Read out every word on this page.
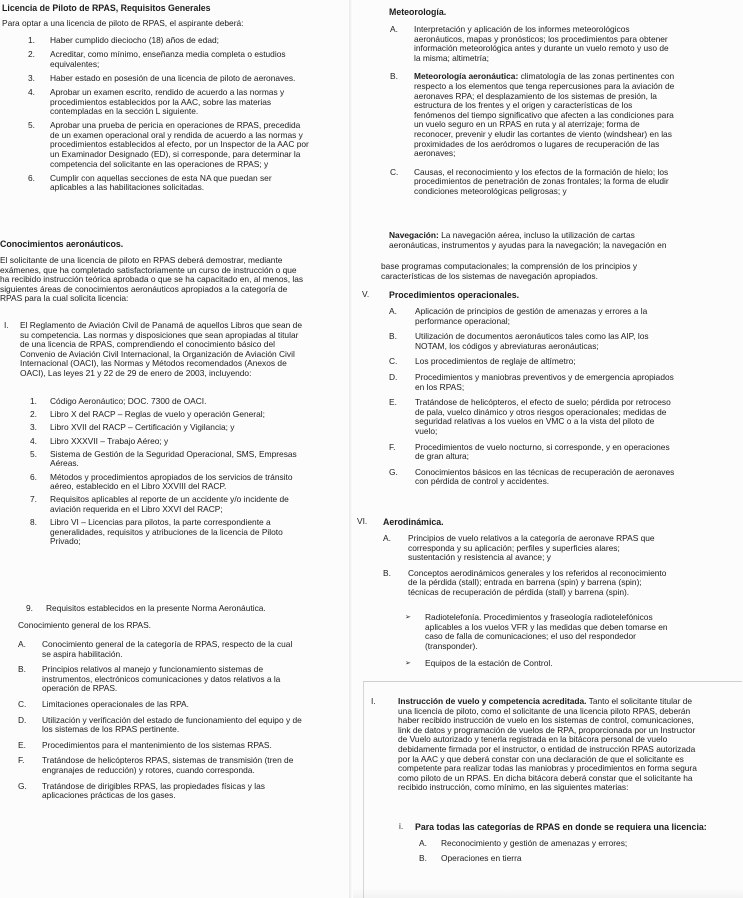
Licencia de Piloto de RPAS, Requisitos Generales
Para optar a una licencia de piloto de RPAS, el aspirante deberá:
1. Haber cumplido dieciocho (18) años de edad;
2. Acreditar, como mínimo, enseñanza media completa o estudios
equivalentes;
3. Haber estado en posesión de una licencia de piloto de aeronaves.
4. Aprobar un examen escrito, rendido de acuerdo a las normas y
procedimientos establecidos por la AAC, sobre las materias
contempladas en la sección L siguiente.
5. Aprobar una prueba de pericia en operaciones de RPAS, precedida
de un examen operacional oral y rendida de acuerdo a las normas y
procedimientos establecidos al efecto, por un Inspector de la AAC por
un Examinador Designado (ED), si corresponde, para determinar la
competencia del solicitante en las operaciones de RPAS; y
6. Cumplir con aquellas secciones de esta NA que puedan ser
aplicables a las habilitaciones solicitadas.
Conocimientos aeronáuticos.
El solicitante de una licencia de piloto en RPAS deberá demostrar, mediante
exámenes, que ha completado satisfactoriamente un curso de instrucción o que
ha recibido instrucción teórica aprobada o que se ha capacitado en, al menos, las
siguientes áreas de conocimientos aeronáuticos apropiados a la categoría de
RPAS para la cual solicita licencia:
I. El Reglamento de Aviación Civil de Panamá de aquellos Libros que sean de
su competencia. Las normas y disposiciones que sean apropiadas al titular
de una licencia de RPAS, comprendiendo el conocimiento básico del
Convenio de Aviación Civil Internacional, la Organización de Aviación Civil
Internacional (OACI), las Normas y Métodos recomendados (Anexos de
OACI), Las leyes 21 y 22 de 29 de enero de 2003, incluyendo:
1. Código Aeronáutico; DOC. 7300 de OACI.
2. Libro X del RACP – Reglas de vuelo y operación General;
3. Libro XVII del RACP – Certificación y Vigilancia; y
4. Libro XXXVII – Trabajo Aéreo; y
5. Sistema de Gestión de la Seguridad Operacional, SMS, Empresas
Aéreas.
6. Métodos y procedimientos apropiados de los servicios de tránsito
aéreo, establecido en el Libro XXVIII del RACP.
7. Requisitos aplicables al reporte de un accidente y/o incidente de
aviación requerida en el Libro XXVI del RACP;
8. Libro VI – Licencias para pilotos, la parte correspondiente a
generalidades, requisitos y atribuciones de la licencia de Piloto
Privado;
9. Requisitos establecidos en la presente Norma Aeronáutica.
Conocimiento general de los RPAS.
A. Conocimiento general de la categoría de RPAS, respecto de la cual
se aspira habilitación.
B. Principios relativos al manejo y funcionamiento sistemas de
instrumentos, electrónicos comunicaciones y datos relativos a la
operación de RPAS.
C. Limitaciones operacionales de las RPA.
D. Utilización y verificación del estado de funcionamiento del equipo y de
los sistemas de los RPAS pertinente.
E. Procedimientos para el mantenimiento de los sistemas RPAS.
F. Tratándose de helicópteros RPAS, sistemas de transmisión (tren de
engranajes de reducción) y rotores, cuando corresponda.
G. Tratándose de dirigibles RPAS, las propiedades físicas y las
aplicaciones prácticas de los gases.
Meteorología.
A. Interpretación y aplicación de los informes meteorológicos
aeronáuticos, mapas y pronósticos; los procedimientos para obtener
información meteorológica antes y durante un vuelo remoto y uso de
la misma; altimetría;
B. Meteorología aeronáutica: climatología de las zonas pertinentes con
respecto a los elementos que tenga repercusiones para la aviación de
aeronaves RPA; el desplazamiento de los sistemas de presión, la
estructura de los frentes y el origen y características de los
fenómenos del tiempo significativo que afecten a las condiciones para
un vuelo seguro en un RPAS en ruta y al aterrizaje; forma de
reconocer, prevenir y eludir las cortantes de viento (windshear) en las
proximidades de los aeródromos o lugares de recuperación de las
aeronaves;
C. Causas, el reconocimiento y los efectos de la formación de hielo; los
procedimientos de penetración de zonas frontales; la forma de eludir
condiciones meteorológicas peligrosas; y
Navegación: La navegación aérea, incluso la utilización de cartas
aeronáuticas, instrumentos y ayudas para la navegación; la navegación en
base programas computacionales; la comprensión de los principios y
características de los sistemas de navegación apropiados.
V. Procedimientos operacionales.
A. Aplicación de principios de gestión de amenazas y errores a la
performance operacional;
B. Utilización de documentos aeronáuticos tales como las AIP, los
NOTAM, los códigos y abreviaturas aeronáuticas;
C. Los procedimientos de reglaje de altímetro;
D. Procedimientos y maniobras preventivos y de emergencia apropiados
en los RPAS;
E. Tratándose de helicópteros, el efecto de suelo; pérdida por retroceso
de pala, vuelco dinámico y otros riesgos operacionales; medidas de
seguridad relativas a los vuelos en VMC o a la vista del piloto de
vuelo;
F. Procedimientos de vuelo nocturno, si corresponde, y en operaciones
de gran altura;
G. Conocimientos básicos en las técnicas de recuperación de aeronaves
con pérdida de control y accidentes.
VI. Aerodinámica.
A. Principios de vuelo relativos a la categoría de aeronave RPAS que
corresponda y su aplicación; perfiles y superficies alares;
sustentación y resistencia al avance; y
B. Conceptos aerodinámicos generales y los referidos al reconocimiento
de la pérdida (stall); entrada en barrena (spin) y barrena (spin);
técnicas de recuperación de pérdida (stall) y barrena (spin).
➢ Radiotelefonía. Procedimientos y fraseología radiotelefónicos
aplicables a los vuelos VFR y las medidas que deben tomarse en
caso de falla de comunicaciones; el uso del respondedor
(transponder).
➢ Equipos de la estación de Control.
I.	Instrucción de vuelo y competencia acreditada. Tanto el solicitante titular de
una licencia de piloto, como el solicitante de una licencia piloto RPAS, deberán
haber recibido instrucción de vuelo en los sistemas de control, comunicaciones,
link de datos y programación de vuelos de RPA, proporcionada por un Instructor
de Vuelo autorizado y tenerla registrada en la bitácora personal de vuelo
debidamente firmada por el instructor, o entidad de instrucción RPAS autorizada
por la AAC y que deberá constar con una declaración de que el solicitante es
competente para realizar todas las maniobras y procedimientos en forma segura
como piloto de un RPAS. En dicha bitácora deberá constar que el solicitante ha
recibido instrucción, como mínimo, en las siguientes materias:
i. Para todas las categorías de RPAS en donde se requiera una licencia:
A. Reconocimiento y gestión de amenazas y errores;
B. Operaciones en tierra
